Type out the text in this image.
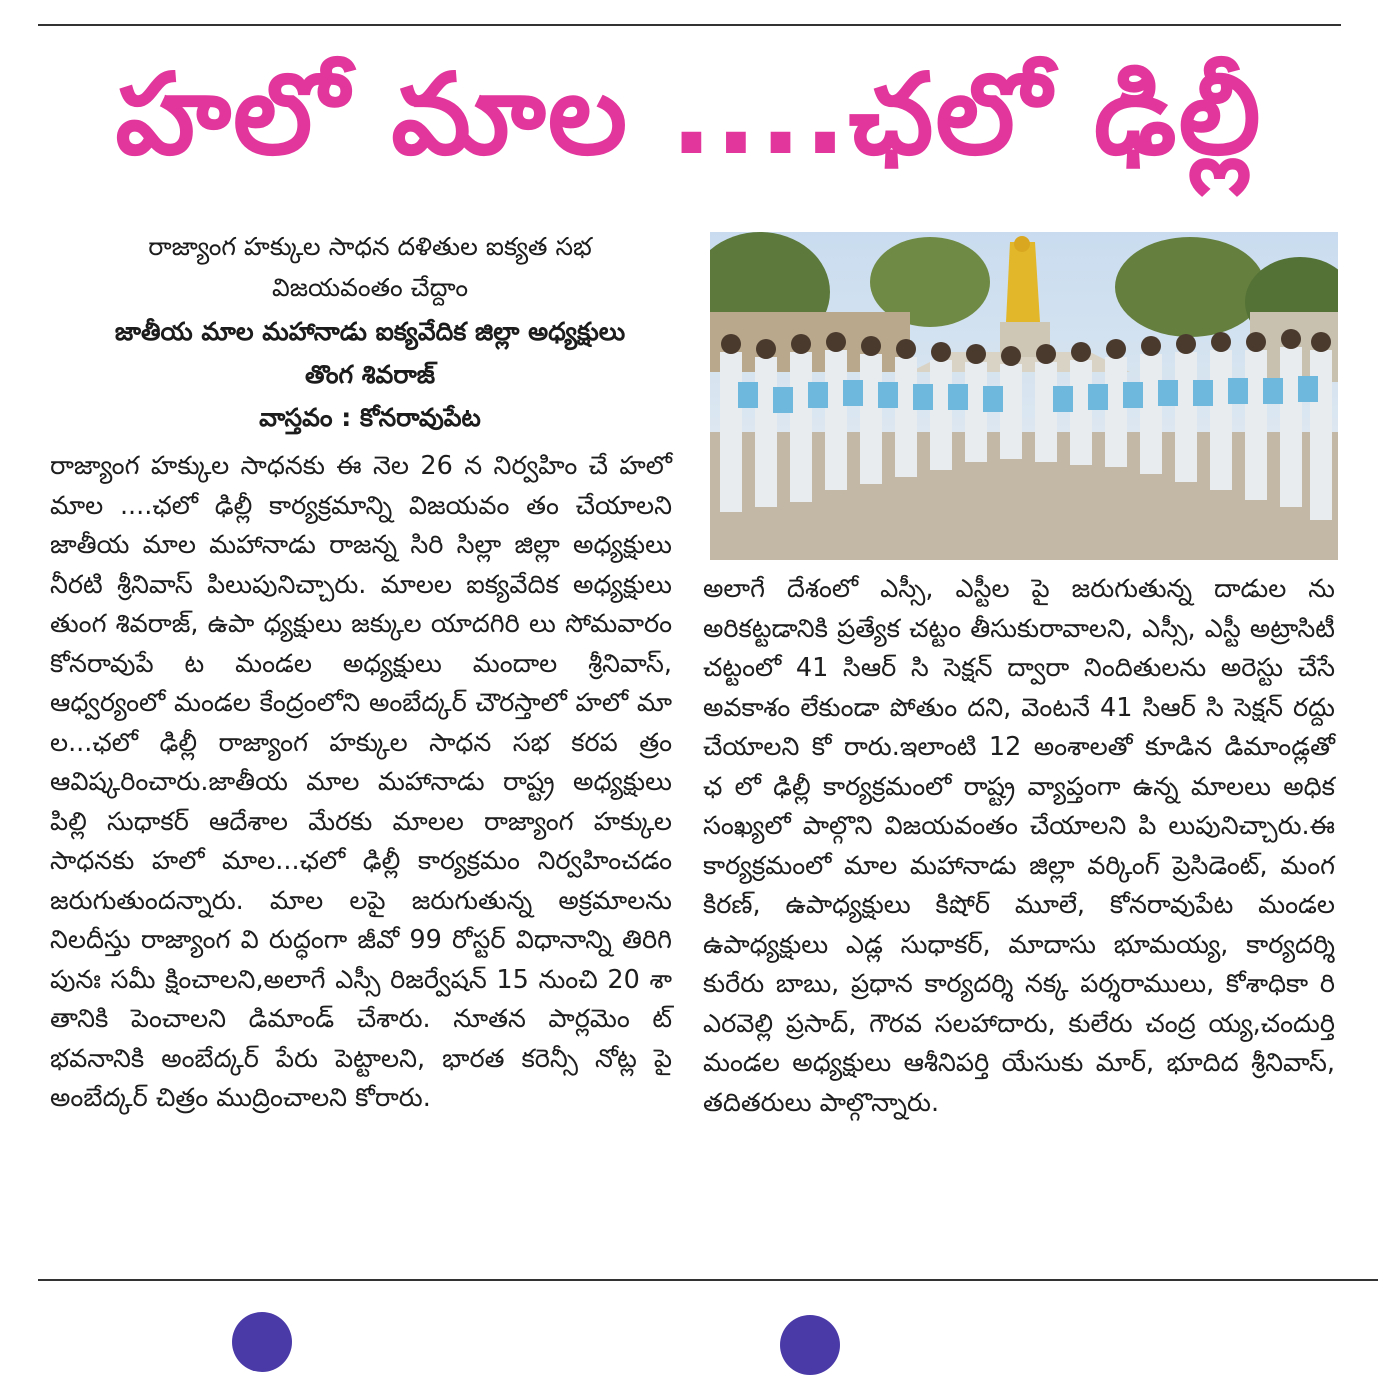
హలో మాల ....ఛలో ఢిల్లీ
రాజ్యాంగ హక్కుల సాధన దళితుల ఐక్యత సభ
విజయవంతం చేద్దాం
జాతీయ మాల మహానాడు ఐక్యవేదిక జిల్లా అధ్యక్షులు
తొంగ శివరాజ్
వాస్తవం : కోనరావుపేట

రాజ్యాంగ హక్కుల సాధనకు ఈ నెల 26 న నిర్వహిం చే హలో మాల ....ఛలో ఢిల్లీ కార్యక్రమాన్ని విజయవం తం చేయాలని జాతీయ మాల మహానాడు రాజన్న సిరి సిల్లా జిల్లా అధ్యక్షులు నీరటి శ్రీనివాస్ పిలుపునిచ్చారు. మాలల ఐక్యవేదిక అధ్యక్షులు తుంగ శివరాజ్, ఉపా ధ్యక్షులు జక్కుల యాదగిరి లు సోమవారం కోనరావుపే ట మండల అధ్యక్షులు మందాల శ్రీనివాస్, ఆధ్వర్యంలో మండల కేంద్రంలోని అంబేద్కర్ చౌరస్తాలో హలో మా ల...ఛలో ఢిల్లీ రాజ్యాంగ హక్కుల సాధన సభ కరప త్రం ఆవిష్కరించారు.జాతీయ మాల మహానాడు రాష్ట్ర అధ్యక్షులు పిల్లి సుధాకర్ ఆదేశాల మేరకు మాలల రాజ్యాంగ హక్కుల సాధనకు హలో మాల...ఛలో ఢిల్లీ కార్యక్రమం నిర్వహించడం జరుగుతుందన్నారు. మాల లపై జరుగుతున్న అక్రమాలను నిలదీస్తు రాజ్యాంగ వి రుద్ధంగా జీవో 99 రోస్టర్ విధానాన్ని తిరిగి పునః సమీ క్షించాలని,అలాగే ఎస్సీ రిజర్వేషన్ 15 నుంచి 20 శా తానికి పెంచాలని డిమాండ్ చేశారు. నూతన పార్లమెం ట్ భవనానికి అంబేద్కర్ పేరు పెట్టాలని, భారత కరెన్సీ నోట్ల పై అంబేద్కర్ చిత్రం ముద్రించాలని కోరారు.

అలాగే దేశంలో ఎస్సీ, ఎస్టీల పై జరుగుతున్న దాడుల ను అరికట్టడానికి ప్రత్యేక చట్టం తీసుకురావాలని, ఎస్సీ, ఎస్టీ అట్రాసిటీ చట్టంలో 41 సిఆర్ సి సెక్షన్ ద్వారా నిందితులను అరెస్టు చేసే అవకాశం లేకుండా పోతుం దని, వెంటనే 41 సిఆర్ సి సెక్షన్ రద్దు చేయాలని కో రారు.ఇలాంటి 12 అంశాలతో కూడిన డిమాండ్లతో ఛ లో ఢిల్లీ కార్యక్రమంలో రాష్ట్ర వ్యాప్తంగా ఉన్న మాలలు అధిక సంఖ్యలో పాల్గొని విజయవంతం చేయాలని పి లుపునిచ్చారు.ఈ కార్యక్రమంలో మాల మహానాడు జిల్లా వర్కింగ్ ప్రెసిడెంట్, మంగ కిరణ్, ఉపాధ్యక్షులు కిషోర్ మూలే, కోనరావుపేట మండల ఉపాధ్యక్షులు ఎడ్ల సుధాకర్, మాదాసు భూమయ్య, కార్యదర్శి కురేరు బాబు, ప్రధాన కార్యదర్శి నక్క పర్శరాములు, కోశాధికా రి ఎరవెల్లి ప్రసాద్, గౌరవ సలహాదారు, కులేరు చంద్ర య్య,చందుర్తి మండల అధ్యక్షులు ఆశీనిపర్తి యేసుకు మార్, భూదిద శ్రీనివాస్, తదితరులు పాల్గొన్నారు.
